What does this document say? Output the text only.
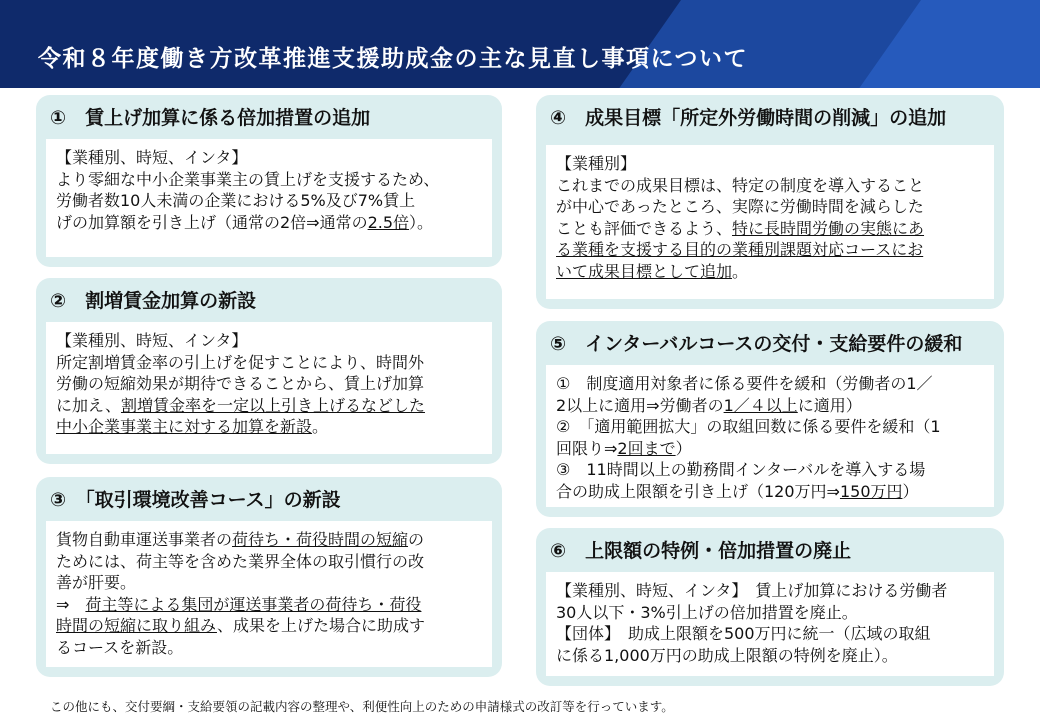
令和８年度働き方改革推進支援助成金の主な見直し事項について
①　賃上げ加算に係る倍加措置の追加

【業種別、時短、インタ】

より零細な中小企業事業主の賃上げを支援するため、

労働者数10人未満の企業における5%及び7%賃上

げの加算額を引き上げ（通常の2倍⇒通常の2.5倍）。

②　割増賃金加算の新設

【業種別、時短、インタ】

所定割増賃金率の引上げを促すことにより、時間外

労働の短縮効果が期待できることから、賃上げ加算

に加え、割増賃金率を一定以上引き上げるなどした

中小企業事業主に対する加算を新設。

③　「取引環境改善コース」の新設

貨物自動車運送事業者の荷待ち・荷役時間の短縮の

ためには、荷主等を含めた業界全体の取引慣行の改

善が肝要。

⇒　荷主等による集団が運送事業者の荷待ち・荷役

時間の短縮に取り組み、成果を上げた場合に助成す

るコースを新設。

④　成果目標「所定外労働時間の削減」の追加

【業種別】

これまでの成果目標は、特定の制度を導入すること

が中心であったところ、実際に労働時間を減らした

ことも評価できるよう、特に長時間労働の実態にあ

る業種を支援する目的の業種別課題対応コースにお

いて成果目標として追加。

⑤　インターバルコースの交付・支給要件の緩和

①　制度適用対象者に係る要件を緩和（労働者の1／

2以上に適用⇒労働者の1／４以上に適用）

②　「適用範囲拡大」の取組回数に係る要件を緩和（1

回限り⇒2回まで）

③　11時間以上の勤務間インターバルを導入する場

合の助成上限額を引き上げ（120万円⇒150万円）

⑥　上限額の特例・倍加措置の廃止

【業種別、時短、インタ】　賃上げ加算における労働者

30人以下・3%引上げの倍加措置を廃止。

【団体】　助成上限額を500万円に統一（広域の取組

に係る1,000万円の助成上限額の特例を廃止）。

この他にも、交付要綱・支給要領の記載内容の整理や、利便性向上のための申請様式の改訂等を行っています。
